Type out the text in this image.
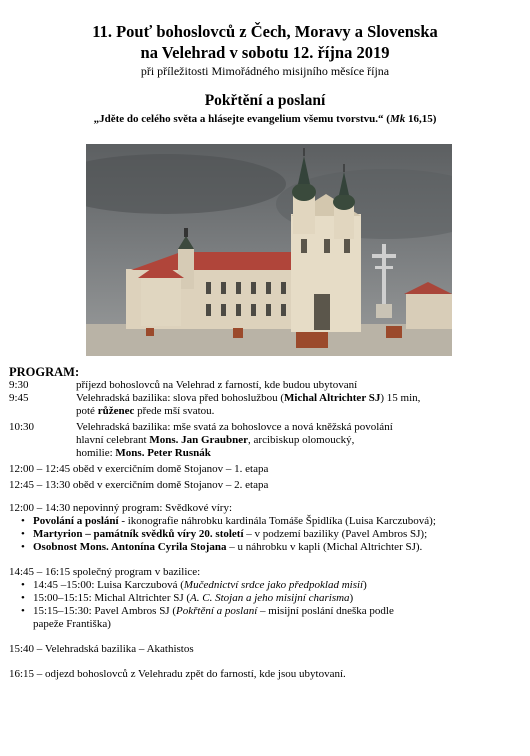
11. Pouť bohoslovců z Čech, Moravy a Slovenska
na Velehrad v sobotu 12. října 2019
při příležitosti Mimořádného misijního měsíce října
Pokřtění a poslaní
„Jděte do celého světa a hlásejte evangelium všemu tvorstvu.“ (Mk 16,15)
PROGRAM:
9:30	příjezd bohoslovců na Velehrad z farností, kde budou ubytovaní
9:45	Velehradská bazilika: slova před bohoslužbou (Michal Altrichter SJ) 15 min,
poté růženec přede mší svatou.
10:30	Velehradská bazilika: mše svatá za bohoslovce a nová kněžská povolání
hlavní celebrant Mons. Jan Graubner, arcibiskup olomoucký,
homilie: Mons. Peter Rusnák
12:00 – 12:45 oběd v exercičním domě Stojanov – 1. etapa
12:45 – 13:30 oběd v exercičním domě Stojanov – 2. etapa
12:00 – 14:30 nepovinný program: Svědkové víry:
• Povolání a poslání - ikonografie náhrobku kardinála Tomáše Špidlíka (Luisa Karczubová);
• Martyrion – památník svědků víry 20. století – v podzemí baziliky (Pavel Ambros SJ);
• Osobnost Mons. Antonína Cyrila Stojana – u náhrobku v kapli (Michal Altrichter SJ).
14:45 – 16:15 společný program v bazilice:
• 14:45 –15:00: Luisa Karczubová (Mučednictví srdce jako předpoklad misií)
• 15:00–15:15: Michal Altrichter SJ (A. C. Stojan a jeho misijní charisma)
• 15:15–15:30: Pavel Ambros SJ (Pokřtění a poslaní – misijní poslání dneška podle
papeže Františka)
15:40 – Velehradská bazilika – Akathistos
16:15 – odjezd bohoslovců z Velehradu zpět do farností, kde jsou ubytovaní.
